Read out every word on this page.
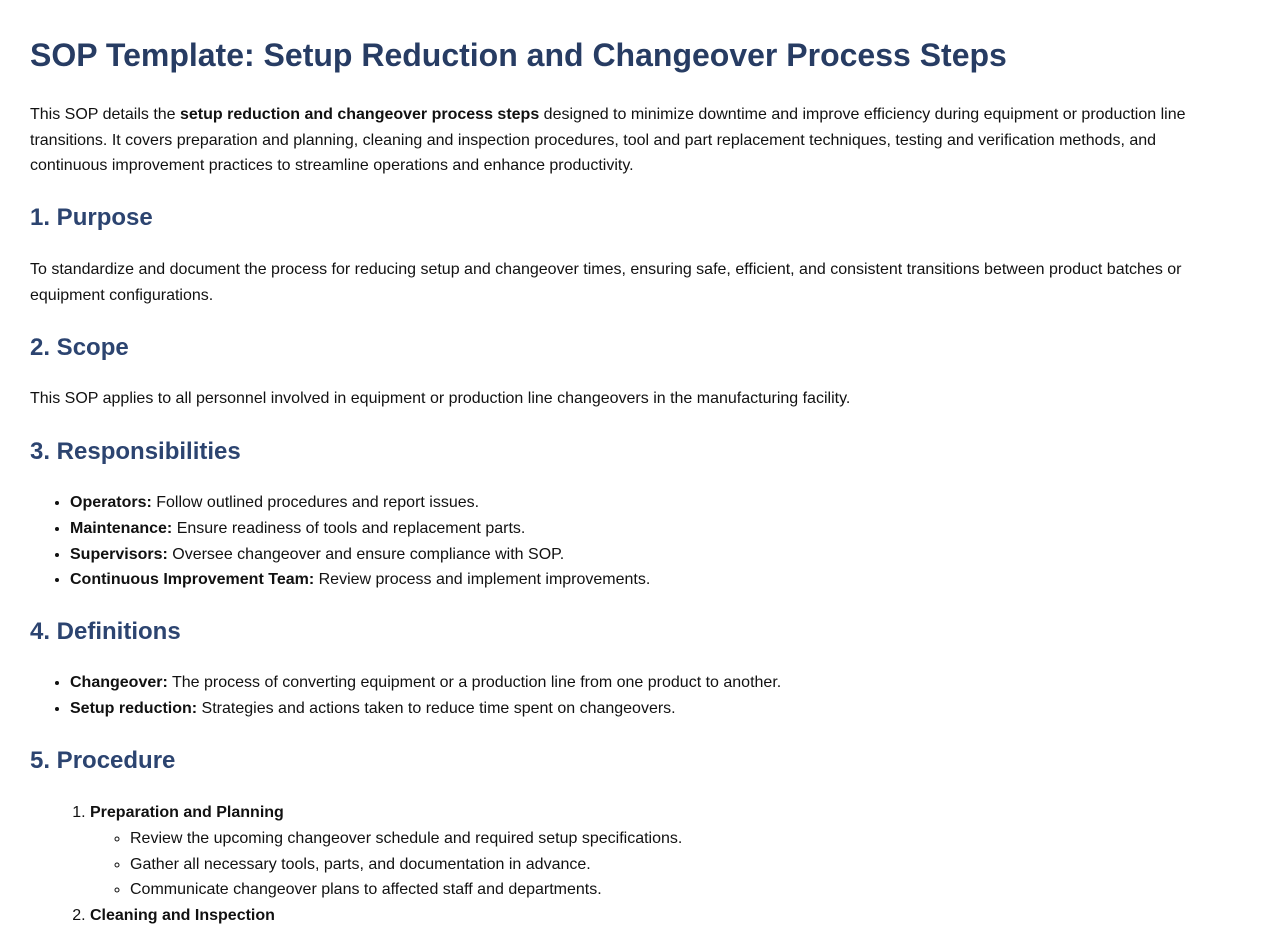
SOP Template: Setup Reduction and Changeover Process Steps

This SOP details the setup reduction and changeover process steps designed to minimize downtime and improve efficiency during equipment or production line transitions. It covers preparation and planning, cleaning and inspection procedures, tool and part replacement techniques, testing and verification methods, and continuous improvement practices to streamline operations and enhance productivity.

1. Purpose

To standardize and document the process for reducing setup and changeover times, ensuring safe, efficient, and consistent transitions between product batches or equipment configurations.

2. Scope

This SOP applies to all personnel involved in equipment or production line changeovers in the manufacturing facility.

3. Responsibilities
• Operators: Follow outlined procedures and report issues.
• Maintenance: Ensure readiness of tools and replacement parts.
• Supervisors: Oversee changeover and ensure compliance with SOP.
• Continuous Improvement Team: Review process and implement improvements.
4. Definitions
• Changeover: The process of converting equipment or a production line from one product to another.
• Setup reduction: Strategies and actions taken to reduce time spent on changeovers.
5. Procedure
1. Preparation and Planning
◦ Review the upcoming changeover schedule and required setup specifications.
◦ Gather all necessary tools, parts, and documentation in advance.
◦ Communicate changeover plans to affected staff and departments.
2. Cleaning and Inspection
